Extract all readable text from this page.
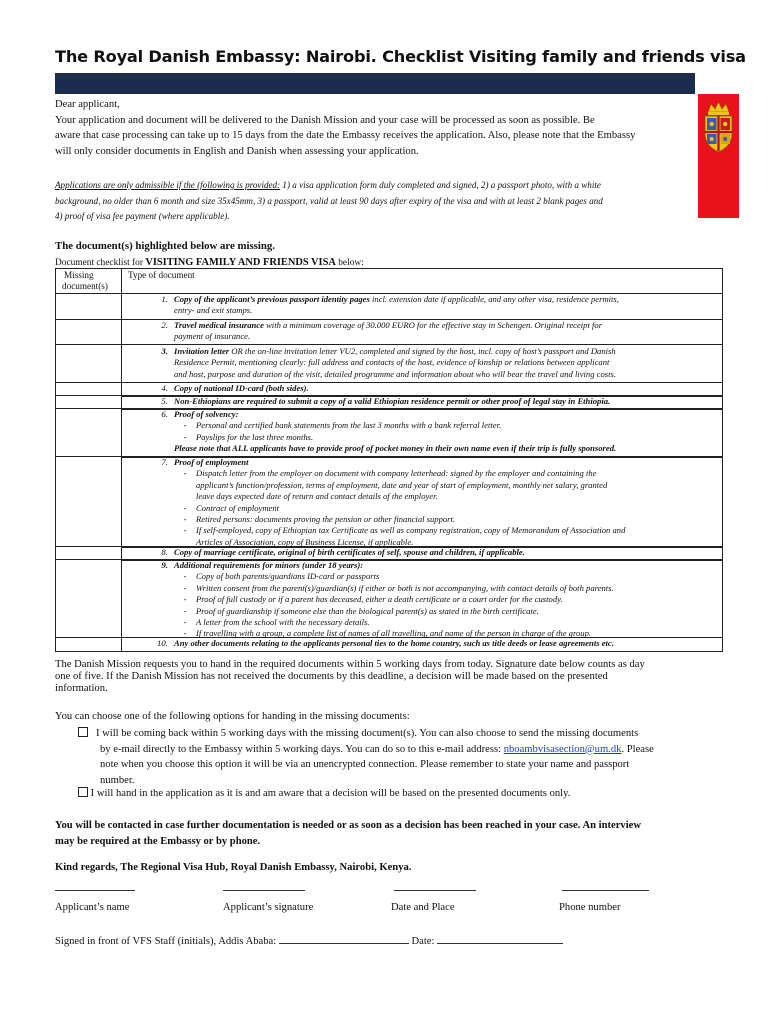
The Royal Danish Embassy: Nairobi. Checklist Visiting family and friends visa
Dear applicant,
Your application and document will be delivered to the Danish Mission and your case will be processed as soon as possible. Be
aware that case processing can take up to 15 days from the date the Embassy receives the application. Also, please note that the Embassy
will only consider documents in English and Danish when assessing your application.
Applications are only admissible if the (following is provided: 1) a visa application form duly completed and signed, 2) a passport photo, with a white
background, no older than 6 month and size 35x45mm, 3) a passport, valid at least 90 days after expiry of the visa and with at least 2 blank pages and
4) proof of visa fee payment (where applicable).
The document(s) highlighted below are missing.
Document checklist for VISITING FAMILY AND FRIENDS VISA below:
Missing
document(s)
Type of document
1. Copy of the applicant’s previous passport identity pages incl. extension date if applicable, and any other visa, residence permits,
entry- and exit stamps.
2. Travel medical insurance with a minimum coverage of 30.000 EURO for the effective stay in Schengen. Original receipt for
payment of insurance.
3. Invitation letter OR the on-line invitation letter VU2, completed and signed by the host, incl. copy of host’s passport and Danish
Residence Permit, mentioning clearly: full address and contacts of the host, evidence of kinship or relations between applicant
and host, purpose and duration of the visit, detailed programme and information about who will bear the travel and living costs.
4. Copy of national ID-card (both sides).
5. Non-Ethiopians are required to submit a copy of a valid Ethiopian residence permit or other proof of legal stay in Ethiopia.
6. Proof of solvency:
-	Personal and certified bank statements from the last 3 months with a bank referral letter.
-	Payslips for the last three months.
Please note that ALL applicants have to provide proof of pocket money in their own name even if their trip is fully sponsored.
7. Proof of employment
-	Dispatch letter from the employer on document with company letterhead: signed by the employer and containing the
applicant’s function/profession, terms of employment, date and year of start of employment, monthly net salary, granted
leave days expected date of return and contact details of the employer.
-	Contract of employment
-	Retired persons: documents proving the pension or other financial support.
-	If self-employed, copy of Ethiopian tax Certificate as well as company registration, copy of Memorandum of Association and
Articles of Association, copy of Business License, if applicable.
8. Copy of marriage certificate, original of birth certificates of self, spouse and children, if applicable.
9. Additional requirements for minors (under 18 years):
-	Copy of both parents/guardians ID-card or passports
-	Written consent from the parent(s)/guardian(s) if either or both is not accompanying, with contact details of both parents.
-	Proof of full custody or if a parent has deceased, either a death certificate or a court order for the custody.
-	Proof of guardianship if someone else than the biological parent(s) as stated in the birth certificate.
-	A letter from the school with the necessary details.
-	If travelling with a group, a complete list of names of all travelling, and name of the person in charge of the group.
10. Any other documents relating to the applicants personal ties to the home country, such as title deeds or lease agreements etc.
The Danish Mission requests you to hand in the required documents within 5 working days from today. Signature date below counts as day
one of five. If the Danish Mission has not received the documents by this deadline, a decision will be made based on the presented
information.
You can choose one of the following options for handing in the missing documents:
I will be coming back within 5 working days with the missing document(s). You can also choose to send the missing documents
by e-mail directly to the Embassy within 5 working days. You can do so to this e-mail address: nboambvisasection@um.dk. Please
note when you choose this option it will be via an unencrypted connection. Please remember to state your name and passport
number.
I will hand in the application as it is and am aware that a decision will be based on the presented documents only.
You will be contacted in case further documentation is needed or as soon as a decision has been reached in your case. An interview
may be required at the Embassy or by phone.
Kind regards, The Regional Visa Hub, Royal Danish Embassy, Nairobi, Kenya.
Applicant’s name	Applicant’s signature	Date and Place	Phone number
Signed in front of VFS Staff (initials), Addis Ababa:	Date:
